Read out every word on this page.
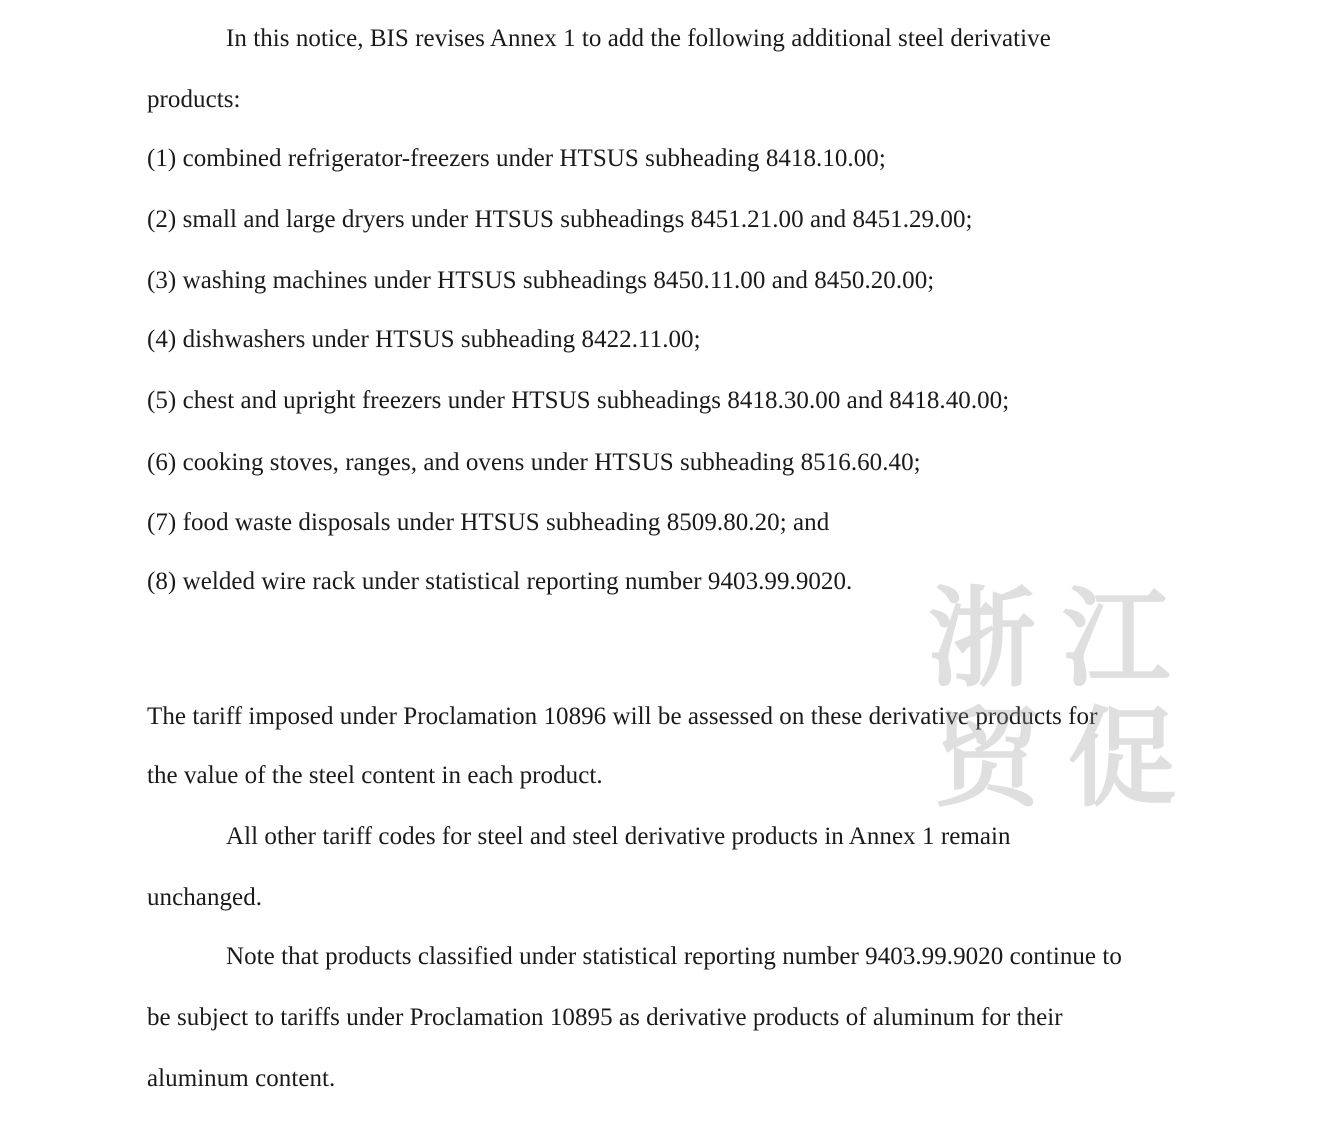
In this notice, BIS revises Annex 1 to add the following additional steel derivative
products:
(1) combined refrigerator-freezers under HTSUS subheading 8418.10.00;
(2) small and large dryers under HTSUS subheadings 8451.21.00 and 8451.29.00;
(3) washing machines under HTSUS subheadings 8450.11.00 and 8450.20.00;
(4) dishwashers under HTSUS subheading 8422.11.00;
(5) chest and upright freezers under HTSUS subheadings 8418.30.00 and 8418.40.00;
(6) cooking stoves, ranges, and ovens under HTSUS subheading 8516.60.40;
(7) food waste disposals under HTSUS subheading 8509.80.20; and
(8) welded wire rack under statistical reporting number 9403.99.9020.
The tariff imposed under Proclamation 10896 will be assessed on these derivative products for
the value of the steel content in each product.
All other tariff codes for steel and steel derivative products in Annex 1 remain
unchanged.
Note that products classified under statistical reporting number 9403.99.9020 continue to
be subject to tariffs under Proclamation 10895 as derivative products of aluminum for their
aluminum content.
浙 江
贸 促
